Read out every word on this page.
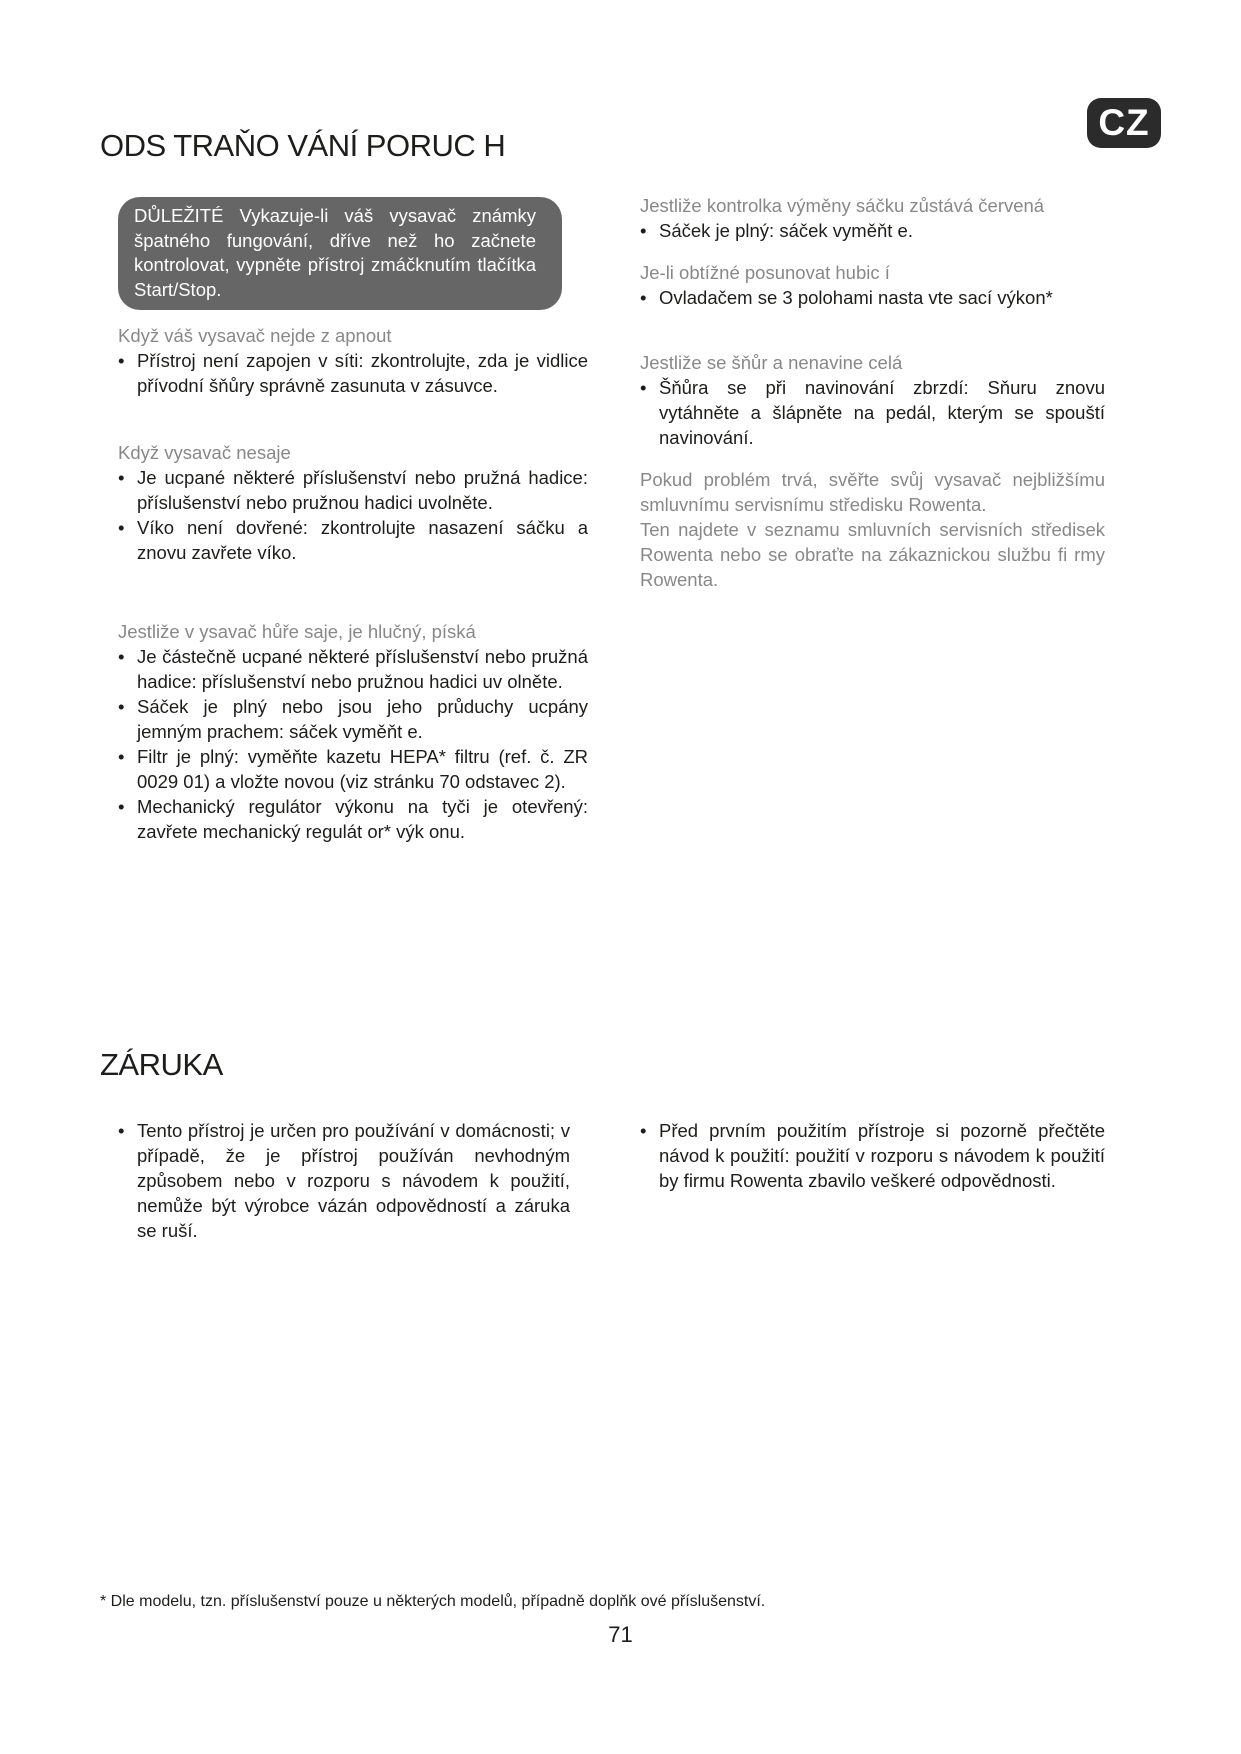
CZ
ODS TRAŇO VÁNÍ PORUC H
DŮLEŽITÉ Vykazuje-li váš vysavač známky špatného fungování, dříve než ho začnete kontrolovat, vypněte přístroj zmáčknutím tlačítka Start/Stop.

Když váš vysavač nejde z apnout

• Přístroj není zapojen v síti: zkontrolujte, zda je vidlice přívodní šňůry správně zasunuta v zásuvce.

Když vysavač nesaje

• Je ucpané některé příslušenství nebo pružná hadice: příslušenství nebo pružnou hadici uvolněte.
• Víko není dovřené: zkontrolujte nasazení sáčku a znovu zavřete víko.

Jestliže v ysavač hůře saje, je hlučný, píská

• Je částečně ucpané některé příslušenství nebo pružná hadice: příslušenství nebo pružnou hadici uv olněte.
• Sáček je plný nebo jsou jeho průduchy ucpány jemným prachem: sáček vyměňt e.
• Filtr je plný: vyměňte kazetu HEPA* filtru (ref. č. ZR 0029 01) a vložte novou (viz stránku 70 odstavec 2).
• Mechanický regulátor výkonu na tyči je otevřený: zavřete mechanický regulát or* výk onu.

Jestliže kontrolka výměny sáčku zůstává červená

• Sáček je plný: sáček vyměňt e.

Je-li obtížné posunovat hubic í

• Ovladačem se 3 polohami nasta vte sací výkon*

Jestliže se šňůr a nenavine celá

• Šňůra se při navinování zbrzdí: Sňuru znovu vytáhněte a šlápněte na pedál, kterým se spouští navinování.

Pokud problém trvá, svěřte svůj vysavač nejbližšímu smluvnímu servisnímu středisku Rowenta.

Ten najdete v seznamu smluvních servisních středisek Rowenta nebo se obraťte na zákaznickou službu fi rmy Rowenta.

ZÁRUKA
• Tento přístroj je určen pro používání v domácnosti; v případě, že je přístroj používán nevhodným způsobem nebo v rozporu s návodem k použití, nemůže být výrobce vázán odpovědností a záruka se ruší.
• Před prvním použitím přístroje si pozorně přečtěte návod k použití: použití v rozporu s návodem k použití by firmu Rowenta zbavilo veškeré odpovědnosti.
* Dle modelu, tzn. příslušenství pouze u některých modelů, případně doplňk ové příslušenství.
71
